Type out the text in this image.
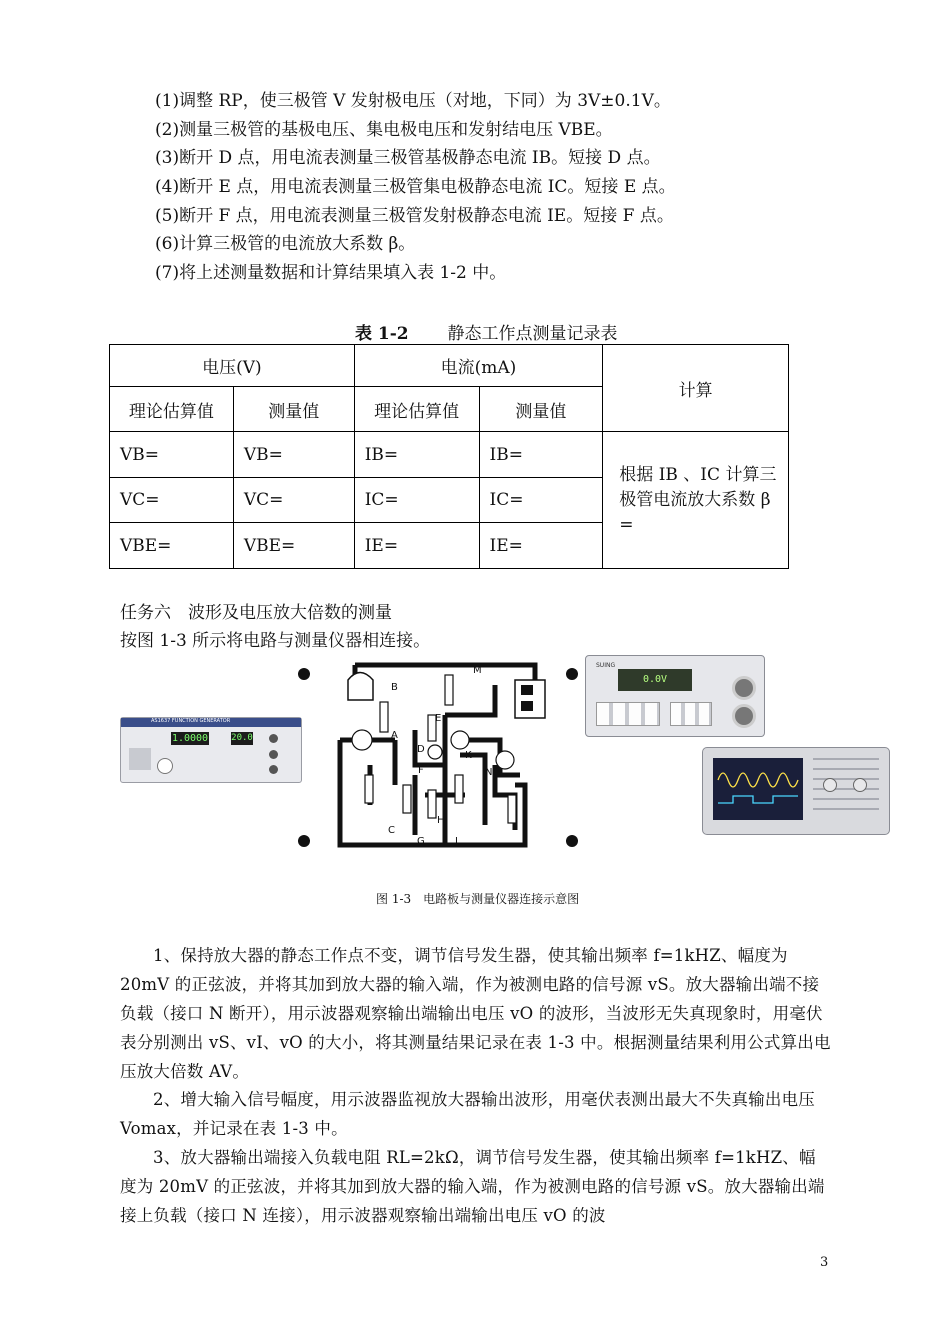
(1)调整 RP，使三极管 V 发射极电压（对地，下同）为 3V±0.1V。
(2)测量三极管的基极电压、集电极电压和发射结电压 VBE。
(3)断开 D 点，用电流表测量三极管基极静态电流 IB。短接 D 点。
(4)断开 E 点，用电流表测量三极管集电极静态电流 IC。短接 E 点。
(5)断开 F 点，用电流表测量三极管发射极静态电流 IE。短接 F 点。
(6)计算三极管的电流放大系数 β。
(7)将上述测量数据和计算结果填入表 1-2 中。
表 1-2 静态工作点测量记录表
电压(V)		电流(mA)		计算
理论估算值	测量值	理论估算值	测量值	
VB=	VB=	IB=	IB=	根据 IB 、IC 计算三极管电流放大系数 β =
VC=	VC=	IC=	IC=	
VBE=	VBE=	IE=	IE=	
任务六　波形及电压放大倍数的测量
按图 1-3 所示将电路与测量仪器相连接。
AS1637 FUNCTION GENERATOR
1.0000	20.0
B
M
A
D
E
K
F	N
C
H
G	J
SUING
0.0V
图 1-3　电路板与测量仪器连接示意图
1、保持放大器的静态工作点不变，调节信号发生器，使其输出频率 f=1kHZ、幅度为 20mV 的正弦波，并将其加到放大器的输入端，作为被测电路的信号源 vS。放大器输出端不接负载（接口 N 断开），用示波器观察输出端输出电压 vO 的波形，当波形无失真现象时，用毫伏表分别测出 vS、vI、vO 的大小，将其测量结果记录在表 1-3 中。根据测量结果利用公式算出电压放大倍数 AV。
2、增大输入信号幅度，用示波器监视放大器输出波形，用毫伏表测出最大不失真输出电压 Vomax，并记录在表 1-3 中。
3、放大器输出端接入负载电阻 RL=2kΩ，调节信号发生器，使其输出频率 f=1kHZ、幅度为 20mV 的正弦波，并将其加到放大器的输入端，作为被测电路的信号源 vS。放大器输出端接上负载（接口 N 连接），用示波器观察输出端输出电压 vO 的波
3
